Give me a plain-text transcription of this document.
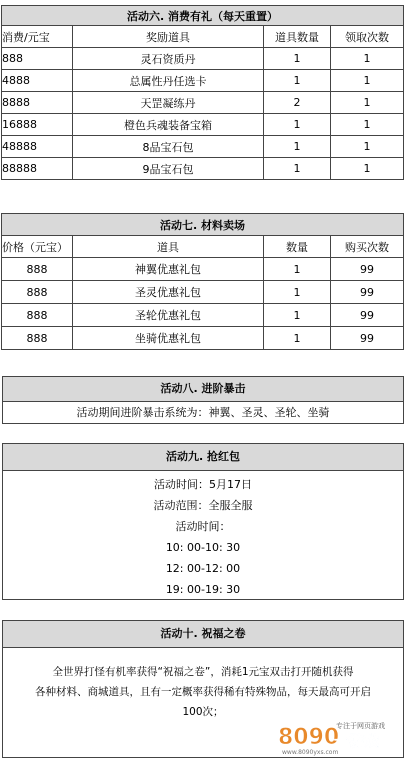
活动六. 消费有礼（每天重置）			
消费/元宝	奖励道具	道具数量	领取次数
888	灵石资质丹	1	1
4888	总属性丹任选卡	1	1
8888	天罡凝练丹	2	1
16888	橙色兵魂装备宝箱	1	1
48888	8品宝石包	1	1
88888	9品宝石包	1	1
活动七. 材料卖场			
价格（元宝）	道具	数量	购买次数
888	神翼优惠礼包	1	99
888	圣灵优惠礼包	1	99
888	圣轮优惠礼包	1	99
888	坐骑优惠礼包	1	99
活动八. 进阶暴击
活动期间进阶暴击系统为：神翼、圣灵、圣轮、坐骑
活动九. 抢红包
活动时间：5月17日
活动范围：全服全服
活动时间：
10: 00-10: 30
12: 00-12: 00
19: 00-19: 30
活动十. 祝福之卷
全世界打怪有机率获得“祝福之卷”，消耗1元宝双击打开随机获得
各种材料、商城道具，且有一定概率获得稀有特殊物品，每天最高可开启
100次；
8090
专注于网页游戏
一游戏
www.8090yxs.com
